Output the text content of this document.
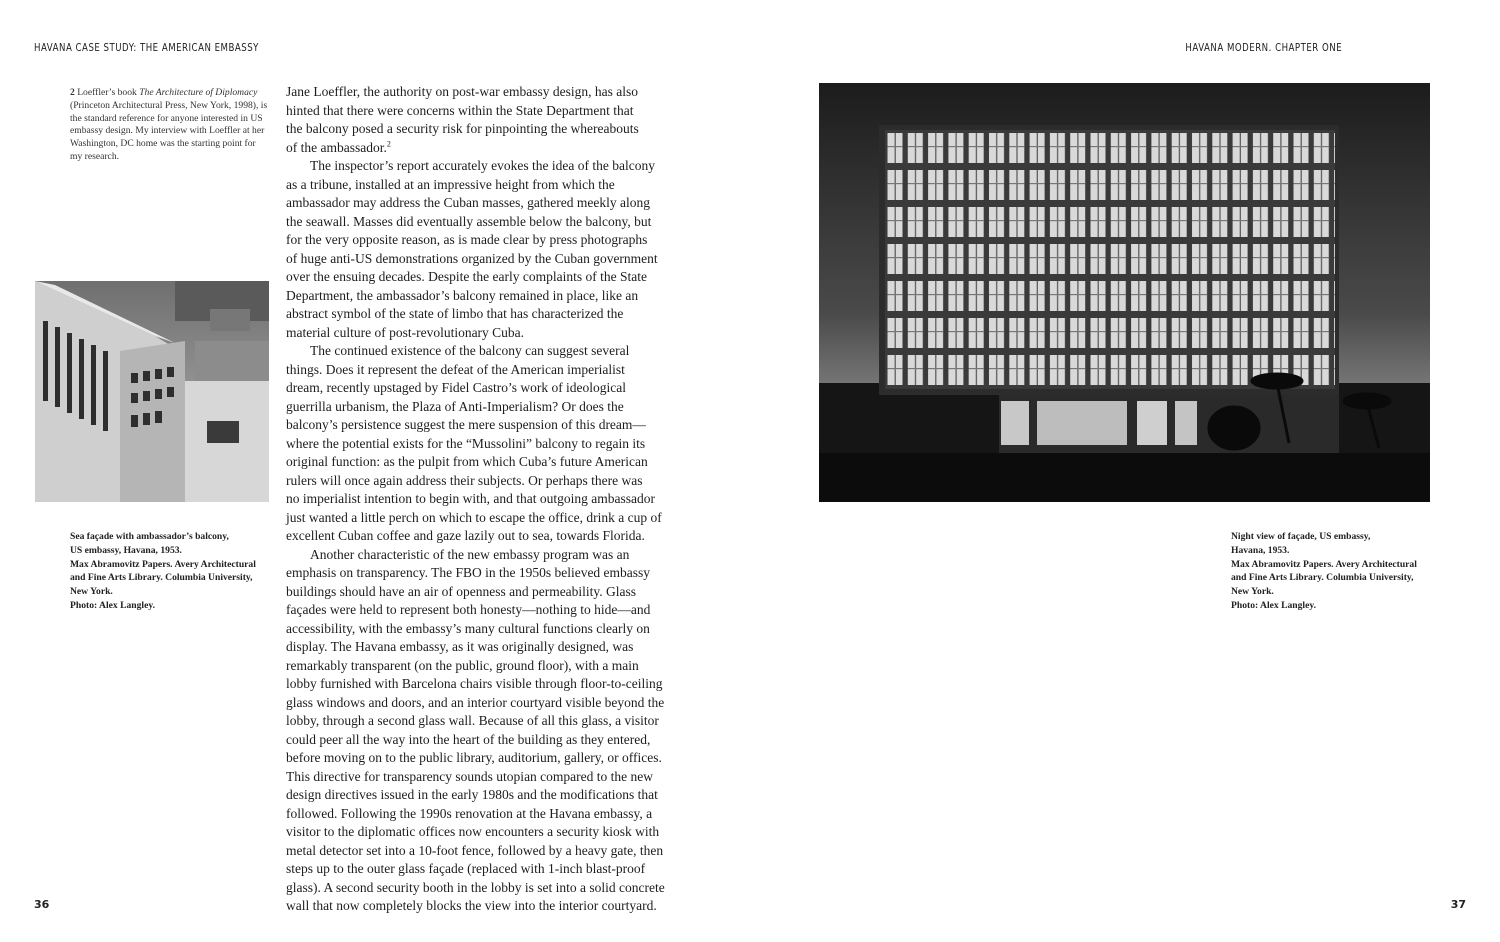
HAVANA CASE STUDY: THE AMERICAN EMBASSY	HAVANA MODERN. CHAPTER ONE
2 Loeffler’s book The Architecture of Diplomacy (Princeton Architectural Press, New York, 1998), is the standard reference for anyone interested in US embassy design. My interview with Loeffler at her Washington, DC home was the starting point for my research.
Sea façade with ambassador’s balcony,
US embassy, Havana, 1953.
Max Abramovitz Papers. Avery Architectural
and Fine Arts Library. Columbia University,
New York.
Photo: Alex Langley.
Night view of façade, US embassy,
Havana, 1953.
Max Abramovitz Papers. Avery Architectural
and Fine Arts Library. Columbia University,
New York.
Photo: Alex Langley.
Jane Loeffler, the authority on post-war embassy design, has also
hinted that there were concerns within the State Department that
the balcony posed a security risk for pinpointing the whereabouts
of the ambassador.$^2$
The inspector’s report accurately evokes the idea of the balcony
as a tribune, installed at an impressive height from which the
ambassador may address the Cuban masses, gathered meekly along
the seawall. Masses did eventually assemble below the balcony, but
for the very opposite reason, as is made clear by press photographs
of huge anti-US demonstrations organized by the Cuban government
over the ensuing decades. Despite the early complaints of the State
Department, the ambassador’s balcony remained in place, like an
abstract symbol of the state of limbo that has characterized the
material culture of post-revolutionary Cuba.
The continued existence of the balcony can suggest several
things. Does it represent the defeat of the American imperialist
dream, recently upstaged by Fidel Castro’s work of ideological
guerrilla urbanism, the Plaza of Anti-Imperialism? Or does the
balcony’s persistence suggest the mere suspension of this dream—
where the potential exists for the “Mussolini” balcony to regain its
original function: as the pulpit from which Cuba’s future American
rulers will once again address their subjects. Or perhaps there was
no imperialist intention to begin with, and that outgoing ambassador
just wanted a little perch on which to escape the office, drink a cup of
excellent Cuban coffee and gaze lazily out to sea, towards Florida.
Another characteristic of the new embassy program was an
emphasis on transparency. The FBO in the 1950s believed embassy
buildings should have an air of openness and permeability. Glass
façades were held to represent both honesty—nothing to hide—and
accessibility, with the embassy’s many cultural functions clearly on
display. The Havana embassy, as it was originally designed, was
remarkably transparent (on the public, ground floor), with a main
lobby furnished with Barcelona chairs visible through floor-to-ceiling
glass windows and doors, and an interior courtyard visible beyond the
lobby, through a second glass wall. Because of all this glass, a visitor
could peer all the way into the heart of the building as they entered,
before moving on to the public library, auditorium, gallery, or offices.
This directive for transparency sounds utopian compared to the new
design directives issued in the early 1980s and the modifications that
followed. Following the 1990s renovation at the Havana embassy, a
visitor to the diplomatic offices now encounters a security kiosk with
metal detector set into a 10-foot fence, followed by a heavy gate, then
steps up to the outer glass façade (replaced with 1-inch blast-proof
glass). A second security booth in the lobby is set into a solid concrete
wall that now completely blocks the view into the interior courtyard.
36	37
